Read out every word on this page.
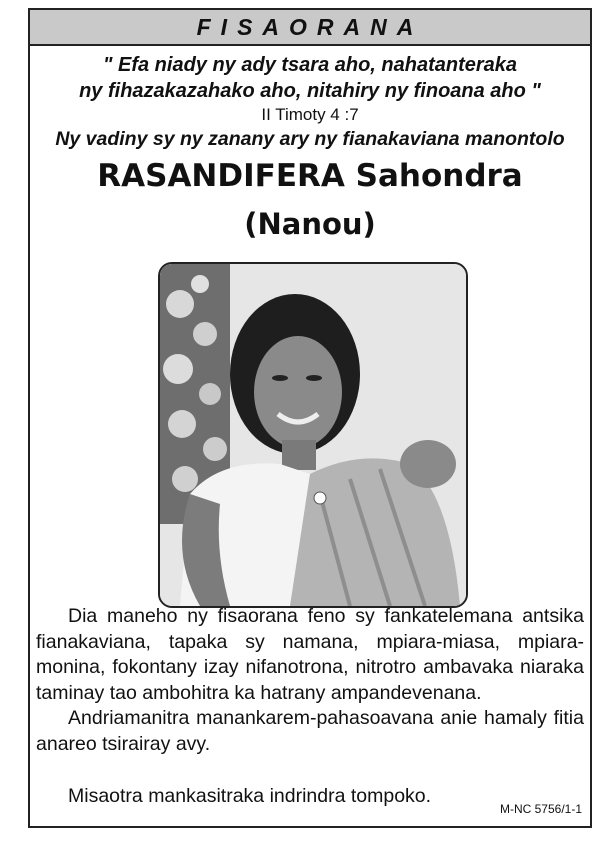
FISAORANA
" Efa niady ny ady tsara aho, nahatanteraka
ny fihazakazahako aho, nitahiry ny finoana aho "
II Timoty 4 :7
Ny vadiny sy ny zanany ary ny fianakaviana manontolo
RASANDIFERA Sahondra
(Nanou)

Dia maneho ny fisaorana feno sy fankatelemana antsika fianakaviana, tapaka sy namana, mpiara-miasa, mpiara-monina, fokontany izay nifanotrona, nitrotro ambavaka niaraka taminay tao ambohitra ka hatrany ampandevenana.

Andriamanitra manankarem-pahasoavana anie hamaly fitia anareo tsirairay avy.

Misaotra mankasitraka indrindra tompoko.
M-NC 5756/1-1
